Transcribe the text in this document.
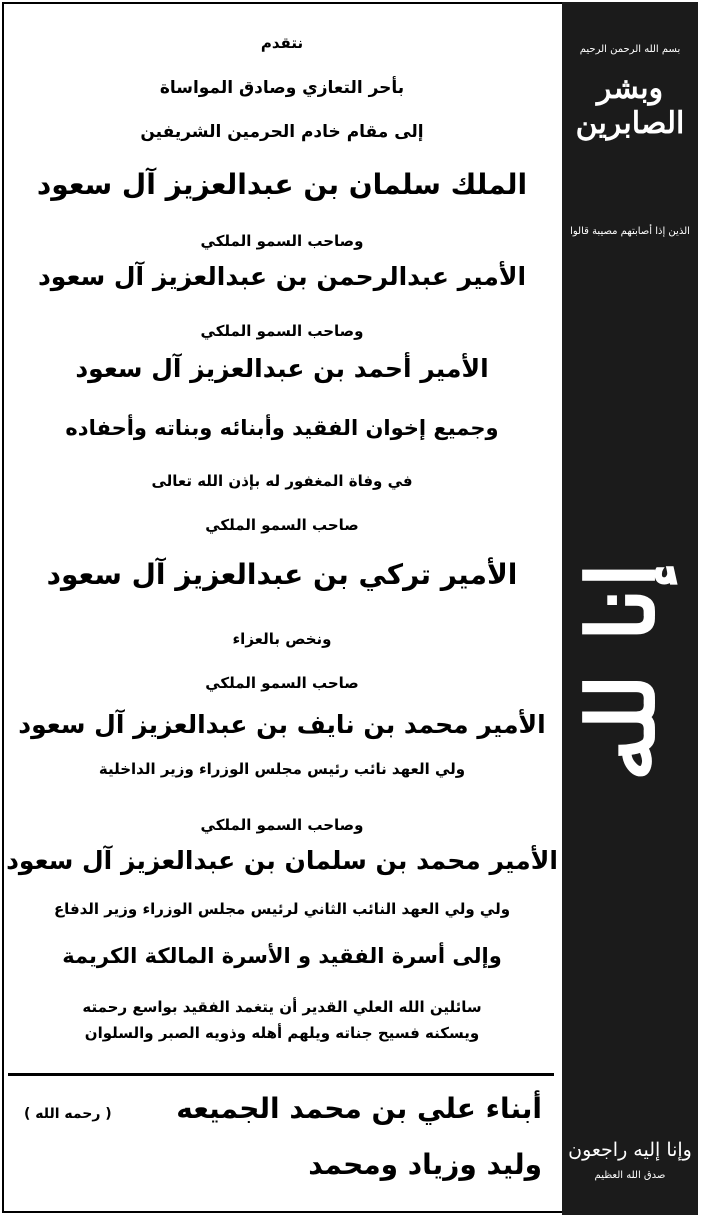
نتقدم
بأحر التعازي وصادق المواساة
إلى مقام خادم الحرمين الشريفين
الملك سلمان بن عبدالعزيز آل سعود
وصاحب السمو الملكي
الأمير عبدالرحمن بن عبدالعزيز آل سعود
وصاحب السمو الملكي
الأمير أحمد بن عبدالعزيز آل سعود
وجميع إخوان الفقيد وأبنائه وبناته وأحفاده
في وفاة المغفور له بإذن الله تعالى
صاحب السمو الملكي
الأمير تركي بن عبدالعزيز آل سعود
ونخص بالعزاء
صاحب السمو الملكي
الأمير محمد بن نايف بن عبدالعزيز آل سعود
ولي العهد نائب رئيس مجلس الوزراء وزير الداخلية
وصاحب السمو الملكي
الأمير محمد بن سلمان بن عبدالعزيز آل سعود
ولي ولي العهد النائب الثاني لرئيس مجلس الوزراء وزير الدفاع
وإلى أسرة الفقيد و الأسرة المالكة الكريمة
سائلين الله العلي القدير أن يتغمد الفقيد بواسع رحمته
ويسكنه فسيح جناته ويلهم أهله وذويه الصبر والسلوان
أبناء علي بن محمد الجميعه
( رحمه الله )
وليد وزياد ومحمد
بسم الله الرحمن الرحيم
وبشر الصابرين
الذين إذا أصابتهم مصيبة قالوا
إنا لله
وإنا إليه راجعون
صدق الله العظيم
